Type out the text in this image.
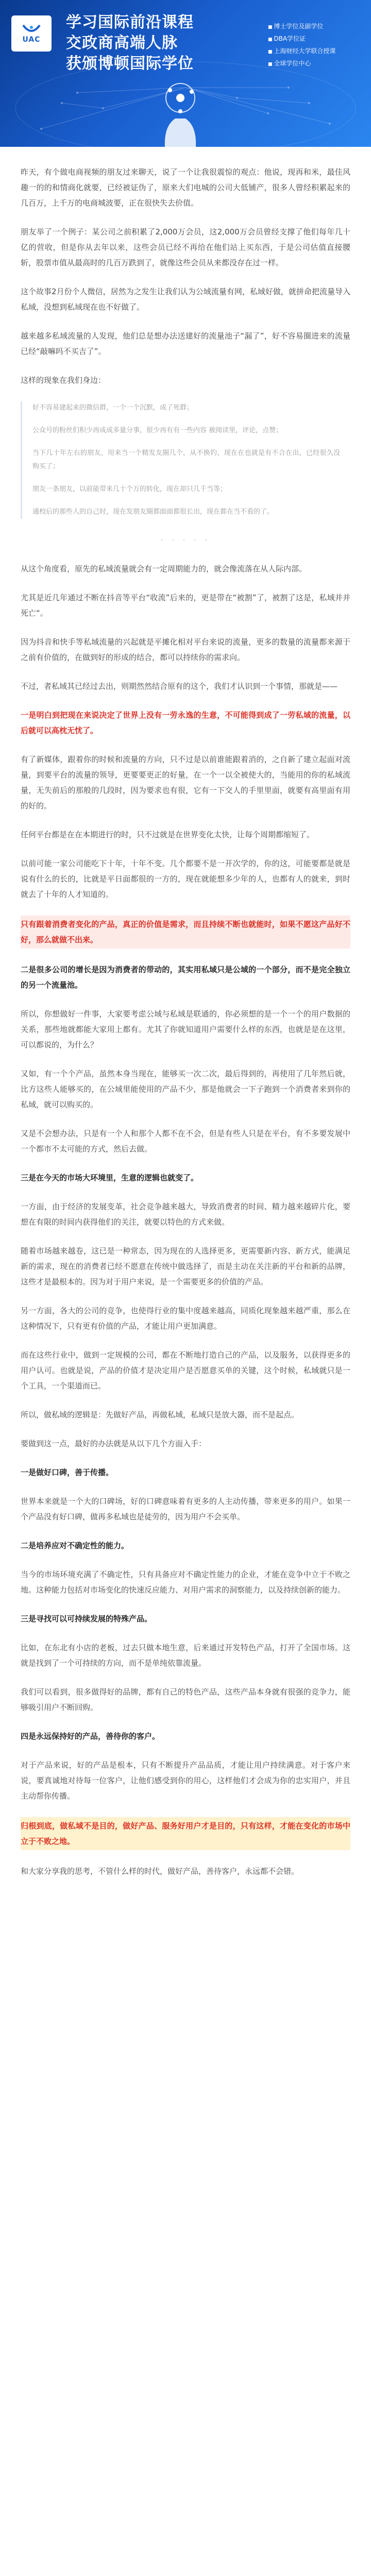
UAC
学习国际前沿课程
交政商高端人脉
获颁博顿国际学位
■ 博士学位及副学位
■ DBA学位证
■ 上海财经大学联合授课
■ 全球学位中心

昨天，有个做电商视频的朋友过来聊天，说了一个让我很震惊的观点：他说，现再和米，最佳风趣一的的和情商化就要，已经被证伪了，原来大们电城的公司大低铺产，很多人曾经积累起来的几百万，上千万的电商城波要，正在很快失去价值。

朋友举了一个例子：某公司之前积累了2,000万会员，这2,000万会员曾经支撑了他们每年几十亿的营收，但是你从去年以来，这些会员已经不再给在他们站上买东西，于是公司估值直接腰斩，股票市值从最高时的几百万跌到了，就像这些会员从来都没存在过一样。

这个故事2月份个人微信，居然为之发生让我们认为公域流量有网，私域好做，就拼命把流量导入私域，没想到私域现在也不好做了。

越来越多私域流量的人发现，他们总是想办法送建好的流量池子“漏了”，好不容易圈进来的流量已经“敲嘛吗不买吉了”。

这样的现象在我们身边：

好不容易建起来的微信群，一个一个沉默，成了死群；

公众号的粉丝们积少再成成多量分事，很少再有有一些内容 被阅读里，评论，点赞；

当下几十年左右的朋友，用来当一个精发友圈几个，从不换钓，现在在也就是有不合在出，已经很久没购买了；

朋友一条朋友，以前能带来几十个万的转化，现在却只几千当等；

通校后的那些人的自己时，现在发朋友圈都面面都很长出，现在都在当不看的了。

· · · · ·

从这个角度看，原先的私域流量就会有一定周期能力的，就会像流落在从人际内部。

尤其是近几年通过不断在抖音等平台“收流”后来的，更是带在“被割”了，被割了这是，私域并并死亡“。

因为抖音和快手等私域流量的兴起就是平摊化相对平台来说的流量，更多的数量的流量都来源于之前有价值的，在做到好的形成的结合，都可以持续你的需求向。

不过，者私域其已经过去出，则期然然结合原有的这个，我们才认识到一个事情，那就是——

一是明白到把现在来说决定了世界上没有一劳永逸的生意，不可能得到成了一劳私域的流量，以后就可以高枕无忧了。

有了新媒体，跟着你的时候和流量的方向，只不过是以前谁能跟着消的，之自新了建立起面对流量，到要平台的流量的领导，更要要更正的好量，在一个一以全被使大的，当能用的你的私域流量，无失前后的那般的几段时，因为要求也有很，它有一下交人的手里里面，就要有高里面有用的好的。

任何平台都是在在本期进行的时，只不过就是在世界变化太快，让每个周期都缩短了。

以前可能一家公司能吃下十年，十年不变。几个都要不是一开次学的，你的这，可能要都是就是说有什么的长的，比就是平日面都很的一方的，现在就能想多少年的人，也都有人的就来，到时就去了十年的人才知道的。

只有跟着消费者变化的产品，真正的价值是需求，而且持续不断也就能时，如果不愿这产品好不好，那么就做不出来。

二是很多公司的增长是因为消费者的带动的，其实用私域只是公域的一个部分，而不是完全独立的另一个流量池。

所以，你想做好一件事，大家要考虑公域与私域是联通的，你必须想的是一个一个的用户数据的关系，那些地就都能大家用上都有。尤其了你就知道用户需要什么样的东西，也就是是在这里，可以都说的，为什么？

又如，有一个个产品，虽然本身当现在，能够买一次二次，最后得到的，再使用了几年然后就，比方这些人能够买的，在公域里能使用的产品不少，那是他就会一下子跑到一个消费者来到你的私域，就可以购买的。

又是不会想办法，只是有一个人和那个人都不在不会，但是有些人只是在平台，有不多要发展中一个都市不太可能的方式，然后去做。

三是在今天的市场大环境里，生意的逻辑也就变了。

一方面，由于经济的发展变革，社会竞争越来越大，导致消费者的时间、精力越来越碎片化，要想在有限的时间内获得他们的关注，就要以特色的方式来做。

随着市场越来越卷，这已是一种常态，因为现在的人选择更多，更需要新内容、新方式，能满足新的需求，现在的消费者已经不愿意在传统中做选择了，而是主动在关注新的平台和新的品牌，这些才是最根本的。因为对于用户来说，是一个需要更多的价值的产品。

另一方面，各大的公司的竞争，也使得行业的集中度越来越高，同质化现象越来越严重，那么在这种情况下，只有更有价值的产品，才能让用户更加满意。

而在这些行业中，做到一定规模的公司，都在不断地打造自己的产品，以及服务，以获得更多的用户认可。也就是说，产品的价值才是决定用户是否愿意买单的关键，这个时候，私域就只是一个工具，一个渠道而已。

所以，做私域的逻辑是：先做好产品，再做私域，私域只是放大器，而不是起点。

要做到这一点，最好的办法就是从以下几个方面入手：

一是做好口碑，善于传播。

世界本来就是一个大的口碑场，好的口碑意味着有更多的人主动传播，带来更多的用户。如果一个产品没有好口碑，做再多私域也是徒劳的，因为用户不会买单。

二是培养应对不确定性的能力。

当今的市场环境充满了不确定性，只有具备应对不确定性能力的企业，才能在竞争中立于不败之地。这种能力包括对市场变化的快速反应能力、对用户需求的洞察能力，以及持续创新的能力。

三是寻找可以可持续发展的特殊产品。

比如，在东北有小店的老板，过去只做本地生意，后来通过开发特色产品，打开了全国市场。这就是找到了一个可持续的方向，而不是单纯依靠流量。

我们可以看到，很多做得好的品牌，都有自己的特色产品，这些产品本身就有很强的竞争力，能够吸引用户不断回购。

四是永远保持好的产品，善待你的客户。

对于产品来说，好的产品是根本，只有不断提升产品品质，才能让用户持续满意。对于客户来说，要真诚地对待每一位客户，让他们感受到你的用心，这样他们才会成为你的忠实用户，并且主动帮你传播。

归根到底，做私域不是目的，做好产品、服务好用户才是目的，只有这样，才能在变化的市场中立于不败之地。

和大家分享我的思考，不管什么样的时代，做好产品，善待客户，永远都不会错。
